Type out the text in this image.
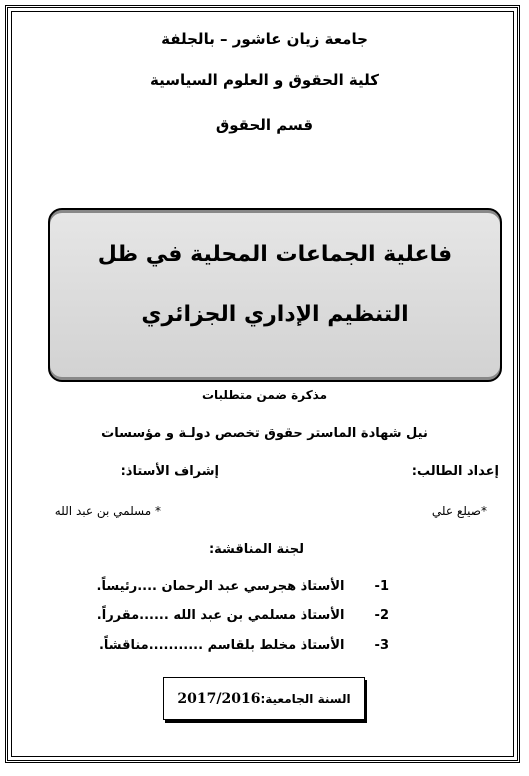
جامعة زيان عاشور – بالجلفة
كلية الحقوق و العلوم السياسية
قسم الحقوق
فاعلية الجماعات المحلية في ظل
التنظيم الإداري الجزائري
مذكرة ضمن متطلبات
نيل شهادة الماستر حقوق تخصص دولـة و مؤسسات
إعداد الطالب:
إشراف الأستاذ:
*صيلع علي
* مسلمي بن عبد الله
لجنة المناقشة:
1- الأستاذ هجرسي عبد الرحمان ....رئيساً.
2- الأستاذ مسلمي بن عبد الله ......مقرراً.
3- الأستاذ مخلط بلقاسم ...........مناقشاً.
السنة الجامعية:
2017/2016
